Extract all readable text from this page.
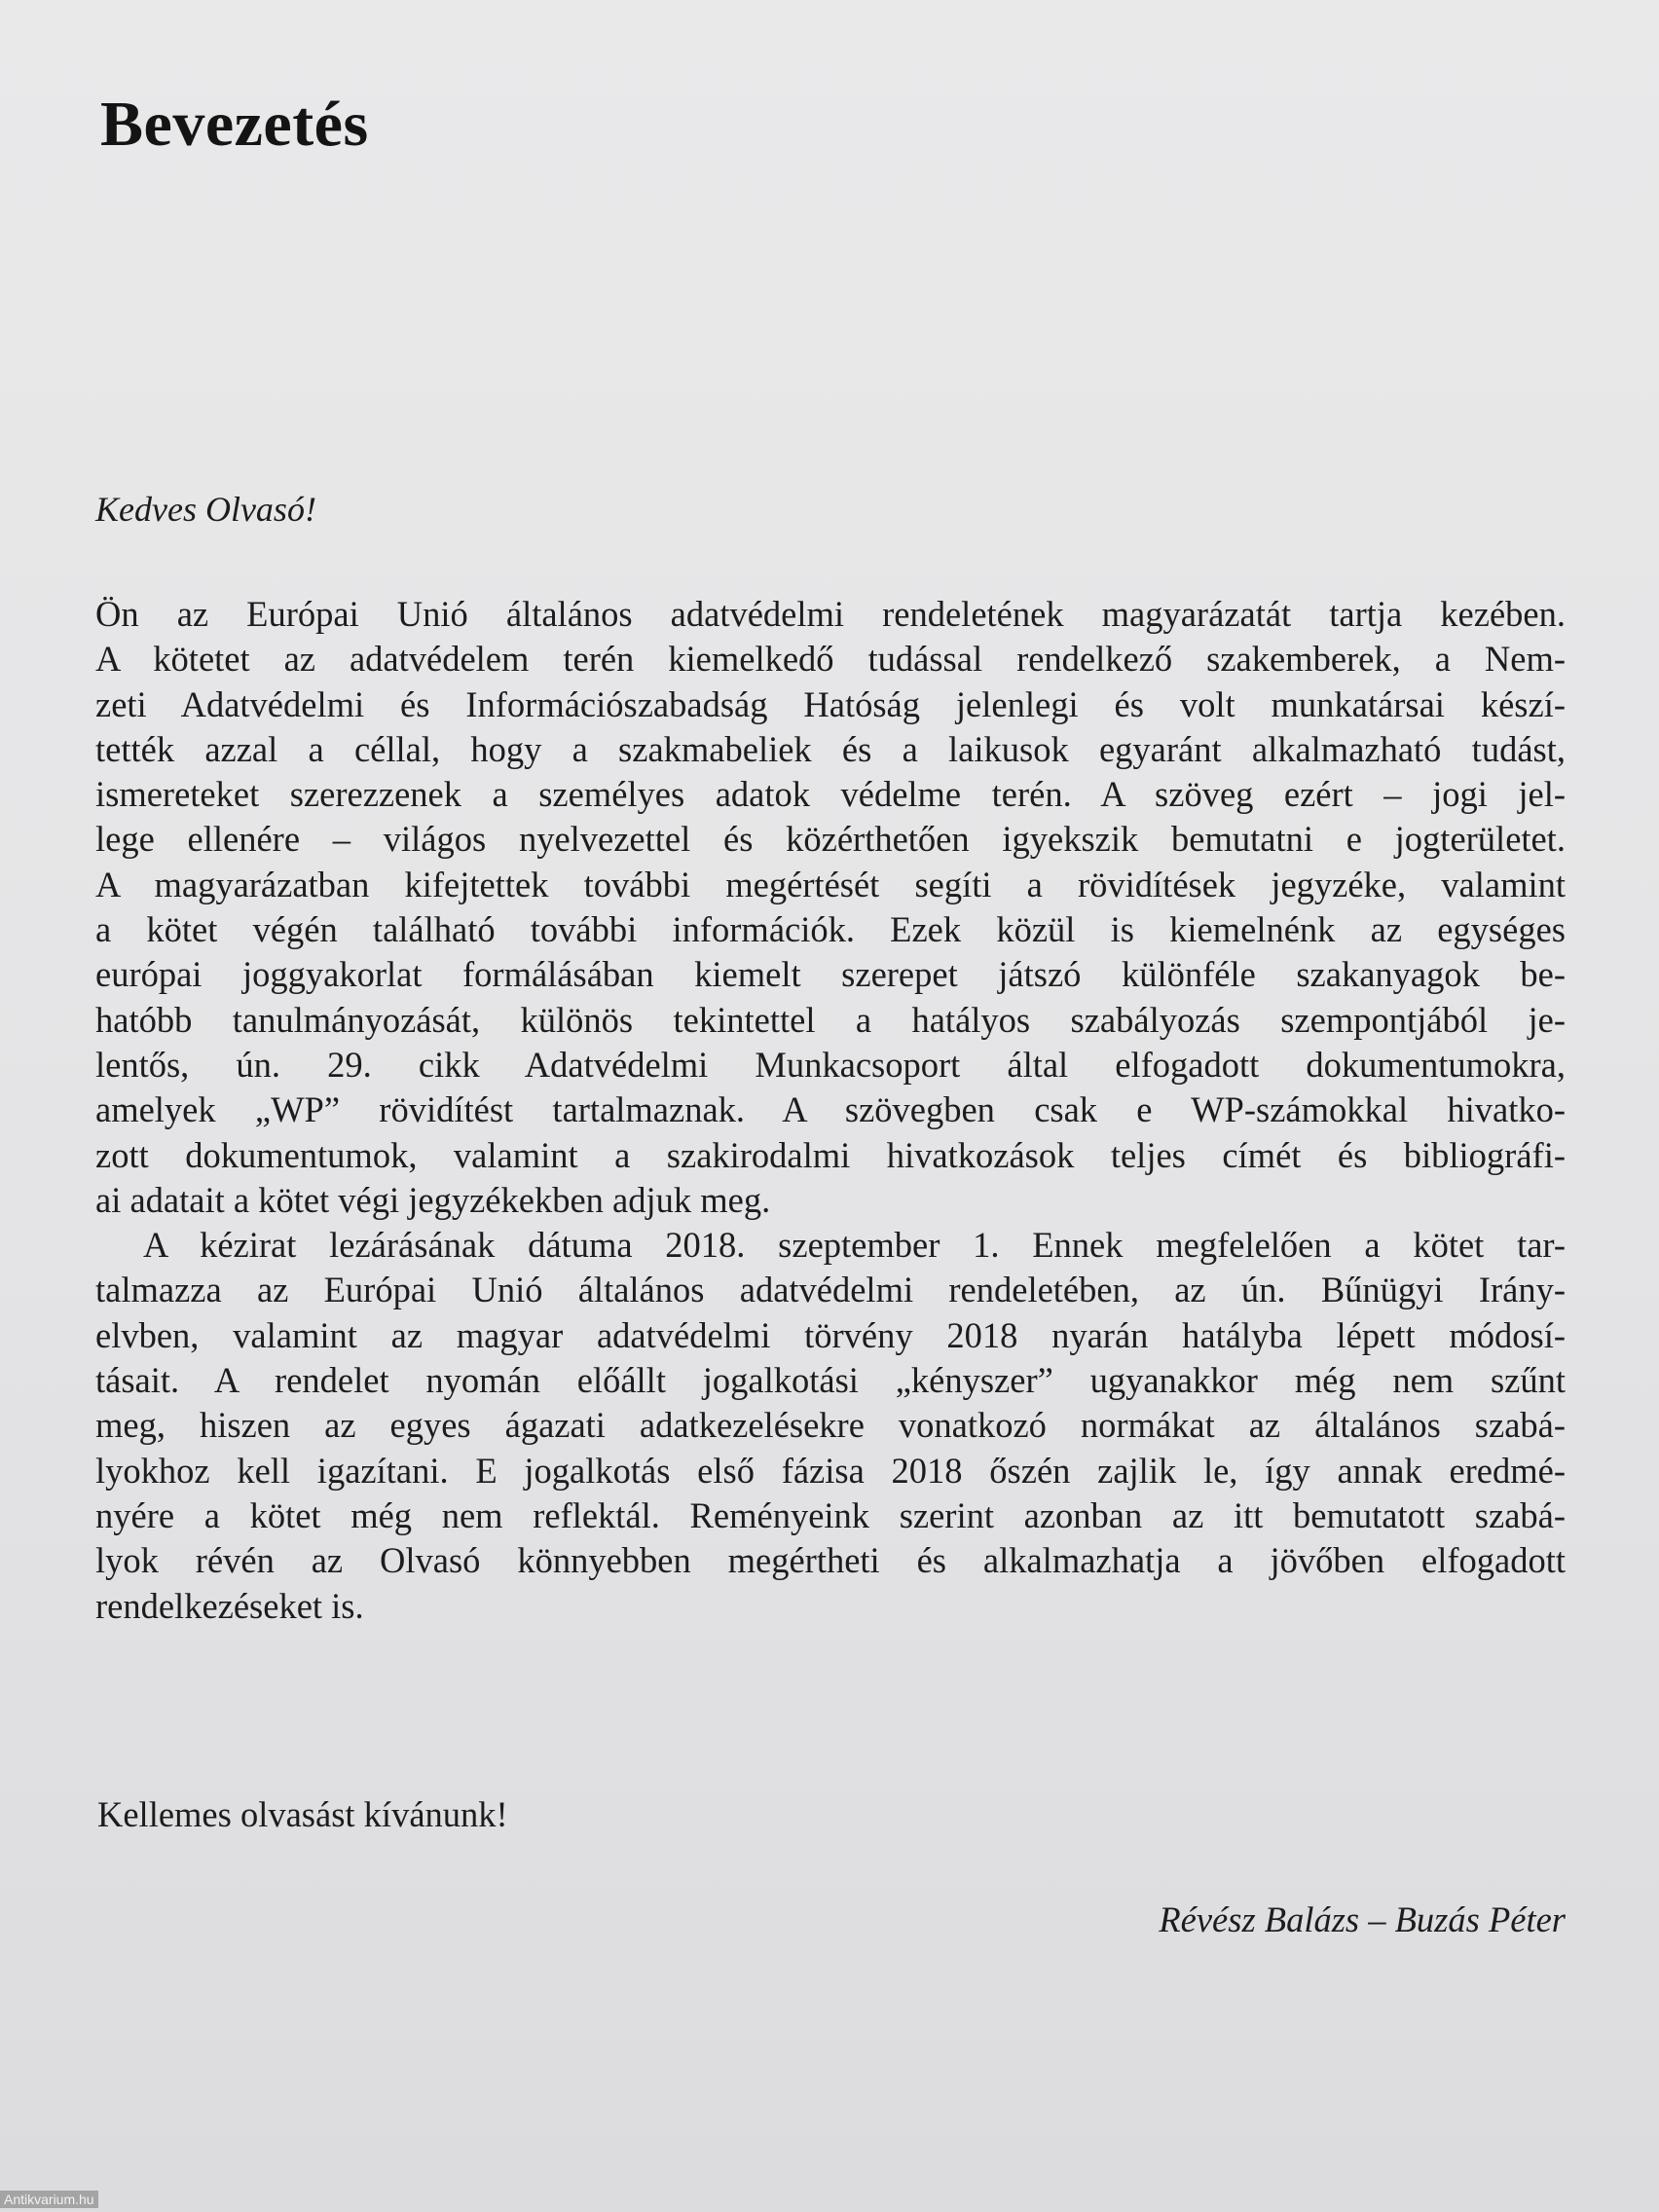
Bevezetés

Kedves Olvasó!

Ön az Európai Unió általános adatvédelmi rendeletének magyarázatát tartja kezében.
A kötetet az adatvédelem terén kiemelkedő tudással rendelkező szakemberek, a Nem-
zeti Adatvédelmi és Információszabadság Hatóság jelenlegi és volt munkatársai készí-
tették azzal a céllal, hogy a szakmabeliek és a laikusok egyaránt alkalmazható tudást,
ismereteket szerezzenek a személyes adatok védelme terén. A szöveg ezért – jogi jel-
lege ellenére – világos nyelvezettel és közérthetően igyekszik bemutatni e jogterületet.
A magyarázatban kifejtettek további megértését segíti a rövidítések jegyzéke, valamint
a kötet végén található további információk. Ezek közül is kiemelnénk az egységes
európai joggyakorlat formálásában kiemelt szerepet játszó különféle szakanyagok be-
hatóbb tanulmányozását, különös tekintettel a hatályos szabályozás szempontjából je-
lentős, ún. 29. cikk Adatvédelmi Munkacsoport által elfogadott dokumentumokra,
amelyek „WP” rövidítést tartalmaznak. A szövegben csak e WP-számokkal hivatko-
zott dokumentumok, valamint a szakirodalmi hivatkozások teljes címét és bibliográfi-
ai adatait a kötet végi jegyzékekben adjuk meg.
A kézirat lezárásának dátuma 2018. szeptember 1. Ennek megfelelően a kötet tar-
talmazza az Európai Unió általános adatvédelmi rendeletében, az ún. Bűnügyi Irány-
elvben, valamint az magyar adatvédelmi törvény 2018 nyarán hatályba lépett módosí-
tásait. A rendelet nyomán előállt jogalkotási „kényszer” ugyanakkor még nem szűnt
meg, hiszen az egyes ágazati adatkezelésekre vonatkozó normákat az általános szabá-
lyokhoz kell igazítani. E jogalkotás első fázisa 2018 őszén zajlik le, így annak eredmé-
nyére a kötet még nem reflektál. Reményeink szerint azonban az itt bemutatott szabá-
lyok révén az Olvasó könnyebben megértheti és alkalmazhatja a jövőben elfogadott
rendelkezéseket is.

Kellemes olvasást kívánunk!

Révész Balázs – Buzás Péter

Antikvarium.hu
